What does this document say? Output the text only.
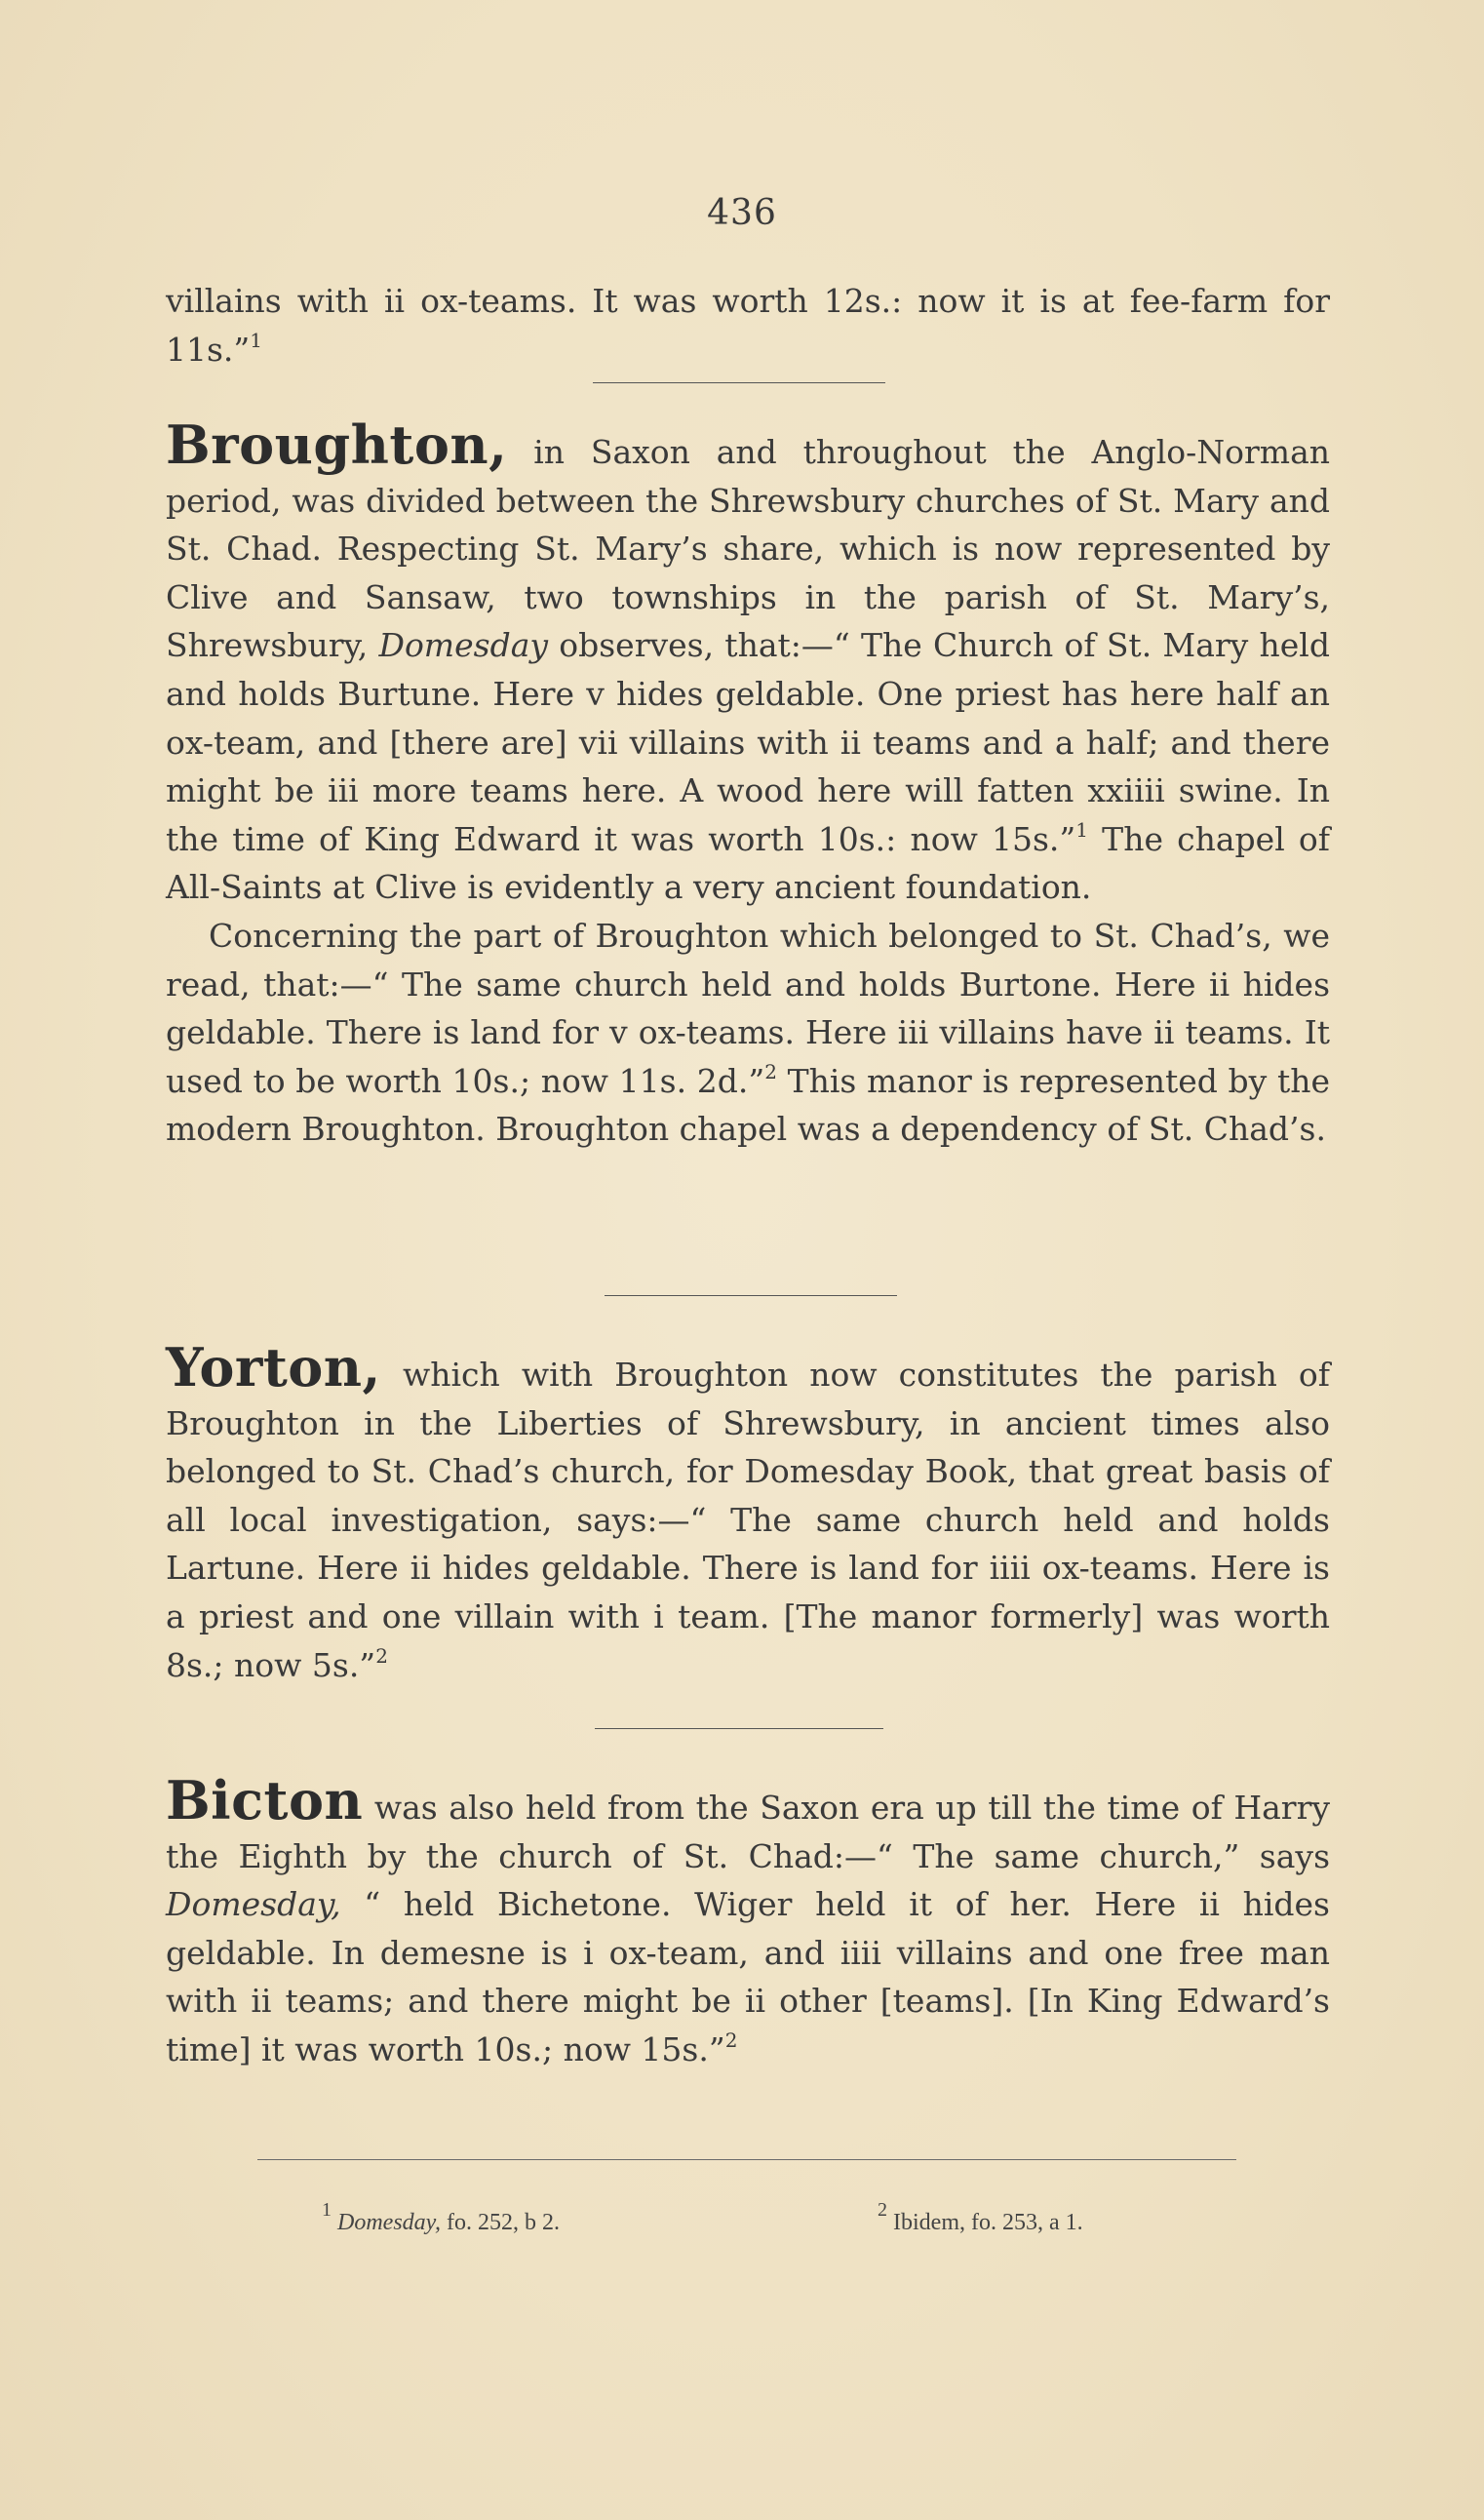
436

villains with ii ox-teams. It was worth 12s.: now it is at fee-farm for 11s.”$^1$

Broughton, in Saxon and throughout the Anglo-Norman period, was divided between the Shrewsbury churches of St. Mary and St. Chad. Respecting St. Mary’s share, which is now represented by Clive and Sansaw, two townships in the parish of St. Mary’s, Shrewsbury, Domesday observes, that:—“ The Church of St. Mary held and holds Burtune. Here v hides geldable. One priest has here half an ox-team, and [there are] vii villains with ii teams and a half; and there might be iii more teams here. A wood here will fatten xxiiii swine. In the time of King Edward it was worth 10s.: now 15s.”$^1$ The chapel of All-Saints at Clive is evidently a very ancient foundation.

Concerning the part of Broughton which belonged to St. Chad’s, we read, that:—“ The same church held and holds Burtone. Here ii hides geldable. There is land for v ox-teams. Here iii villains have ii teams. It used to be worth 10s.; now 11s. 2d.”$^2$ This manor is represented by the modern Broughton. Broughton chapel was a dependency of St. Chad’s.

Yorton, which with Broughton now constitutes the parish of Broughton in the Liberties of Shrewsbury, in ancient times also belonged to St. Chad’s church, for Domesday Book, that great basis of all local investigation, says:—“ The same church held and holds Lartune. Here ii hides geldable. There is land for iiii ox-teams. Here is a priest and one villain with i team. [The manor formerly] was worth 8s.; now 5s.”$^2$

Bicton was also held from the Saxon era up till the time of Harry the Eighth by the church of St. Chad:—“ The same church,” says Domesday, “ held Bichetone. Wiger held it of her. Here ii hides geldable. In demesne is i ox-team, and iiii villains and one free man with ii teams; and there might be ii other [teams]. [In King Edward’s time] it was worth 10s.; now 15s.”$^2$

$^1$ Domesday, fo. 252, b 2.	$^2$ Ibidem, fo. 253, a 1.
